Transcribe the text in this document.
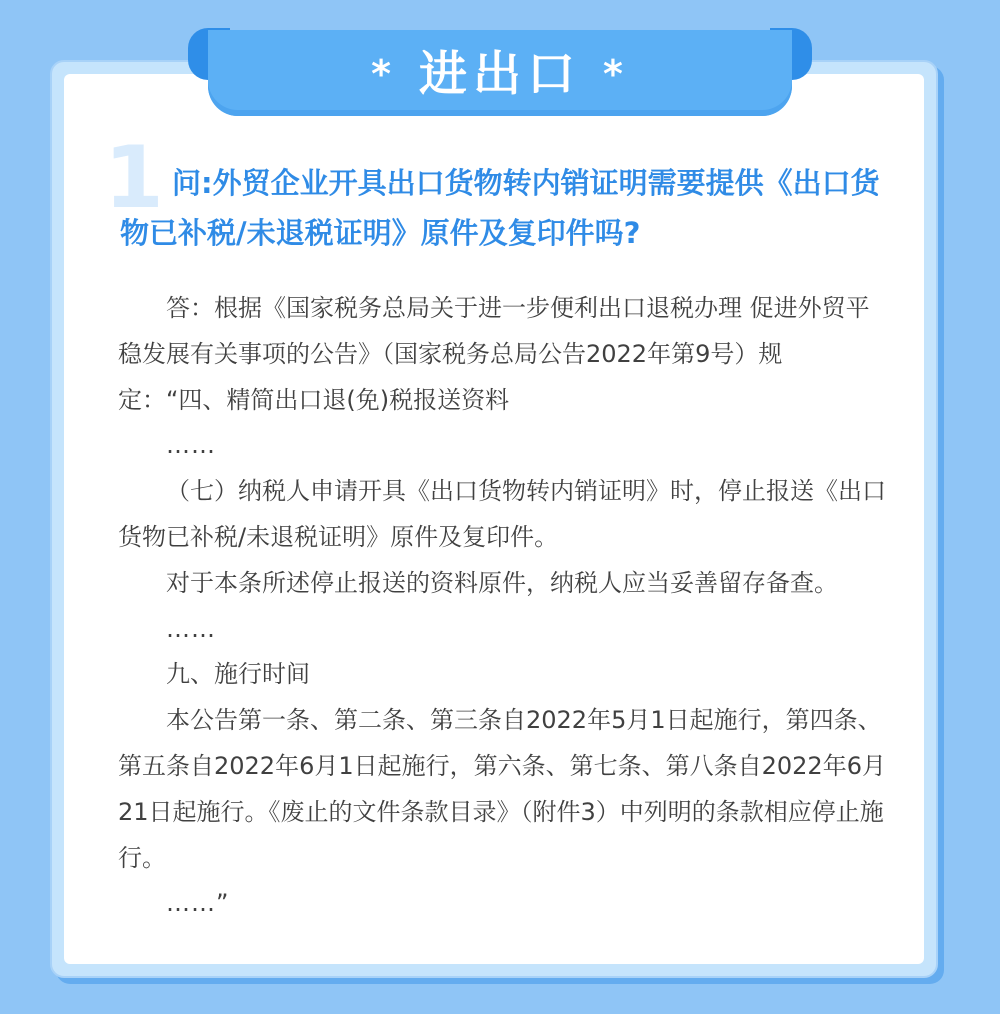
* 进出口 *
1 问:外贸企业开具出口货物转内销证明需要提供《出口货物已补税/未退税证明》原件及复印件吗?

答：根据《国家税务总局关于进一步便利出口退税办理 促进外贸平稳发展有关事项的公告》（国家税务总局公告2022年第9号）规定：“四、精简出口退(免)税报送资料

……

（七）纳税人申请开具《出口货物转内销证明》时，停止报送《出口货物已补税/未退税证明》原件及复印件。

对于本条所述停止报送的资料原件，纳税人应当妥善留存备查。

……

九、施行时间

本公告第一条、第二条、第三条自2022年5月1日起施行，第四条、第五条自2022年6月1日起施行，第六条、第七条、第八条自2022年6月21日起施行。《废止的文件条款目录》（附件3）中列明的条款相应停止施行。

……”
